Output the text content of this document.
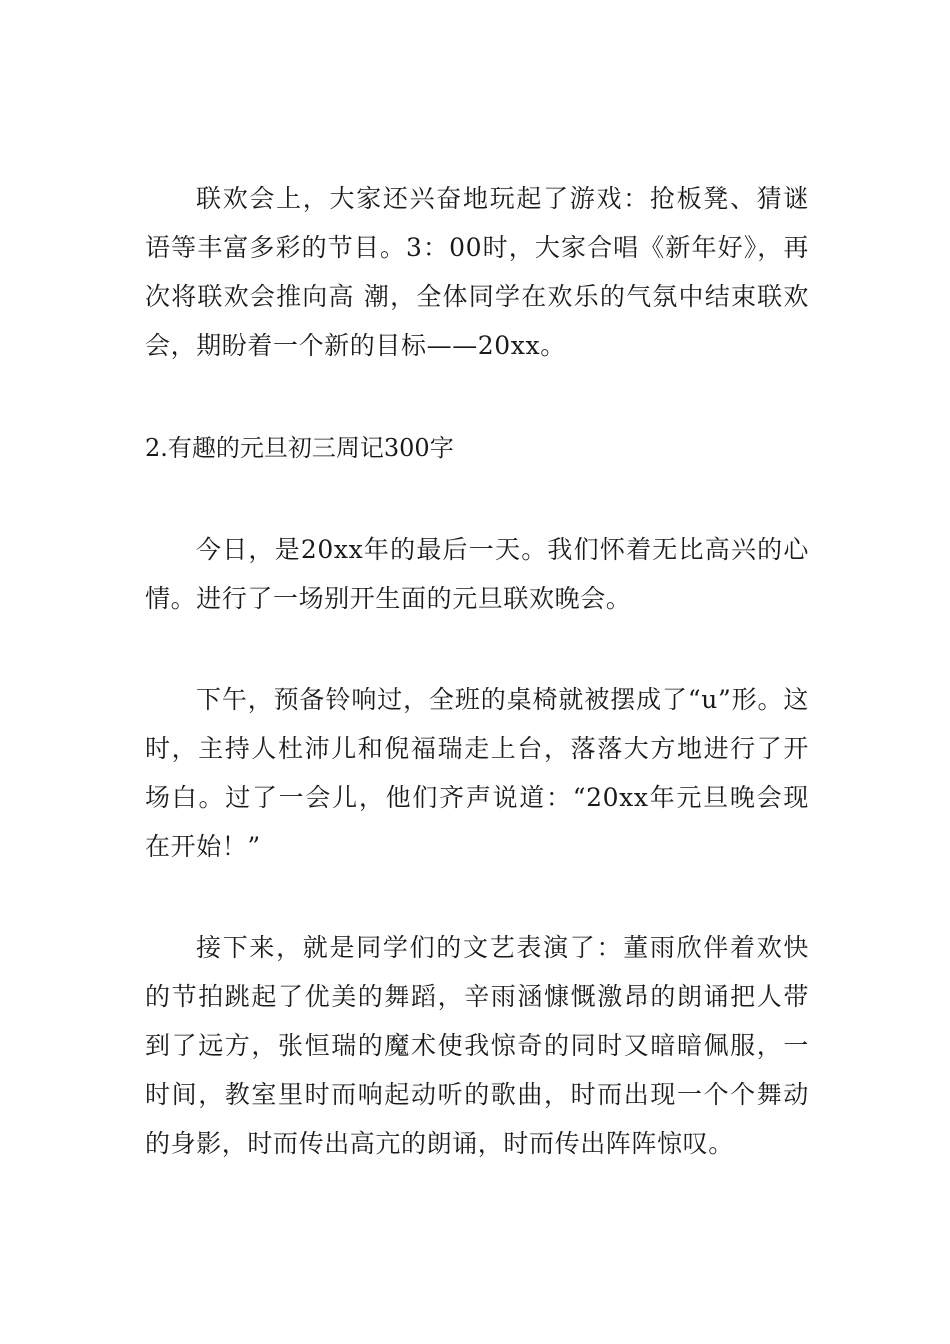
联欢会上，大家还兴奋地玩起了游戏：抢板凳、猜谜语等丰富多彩的节目。3：00时，大家合唱《新年好》，再次将联欢会推向高 潮，全体同学在欢乐的气氛中结束联欢会，期盼着一个新的目标——20xx。

2.有趣的元旦初三周记300字

今日，是20xx年的最后一天。我们怀着无比高兴的心情。进行了一场别开生面的元旦联欢晚会。

下午，预备铃响过，全班的桌椅就被摆成了“u”形。这时，主持人杜沛儿和倪福瑞走上台，落落大方地进行了开场白。过了一会儿，他们齐声说道：“20xx年元旦晚会现在开始！”

接下来，就是同学们的文艺表演了：董雨欣伴着欢快的节拍跳起了优美的舞蹈，辛雨涵慷慨激昂的朗诵把人带到了远方，张恒瑞的魔术使我惊奇的同时又暗暗佩服，一时间，教室里时而响起动听的歌曲，时而出现一个个舞动的身影，时而传出高亢的朗诵，时而传出阵阵惊叹。
